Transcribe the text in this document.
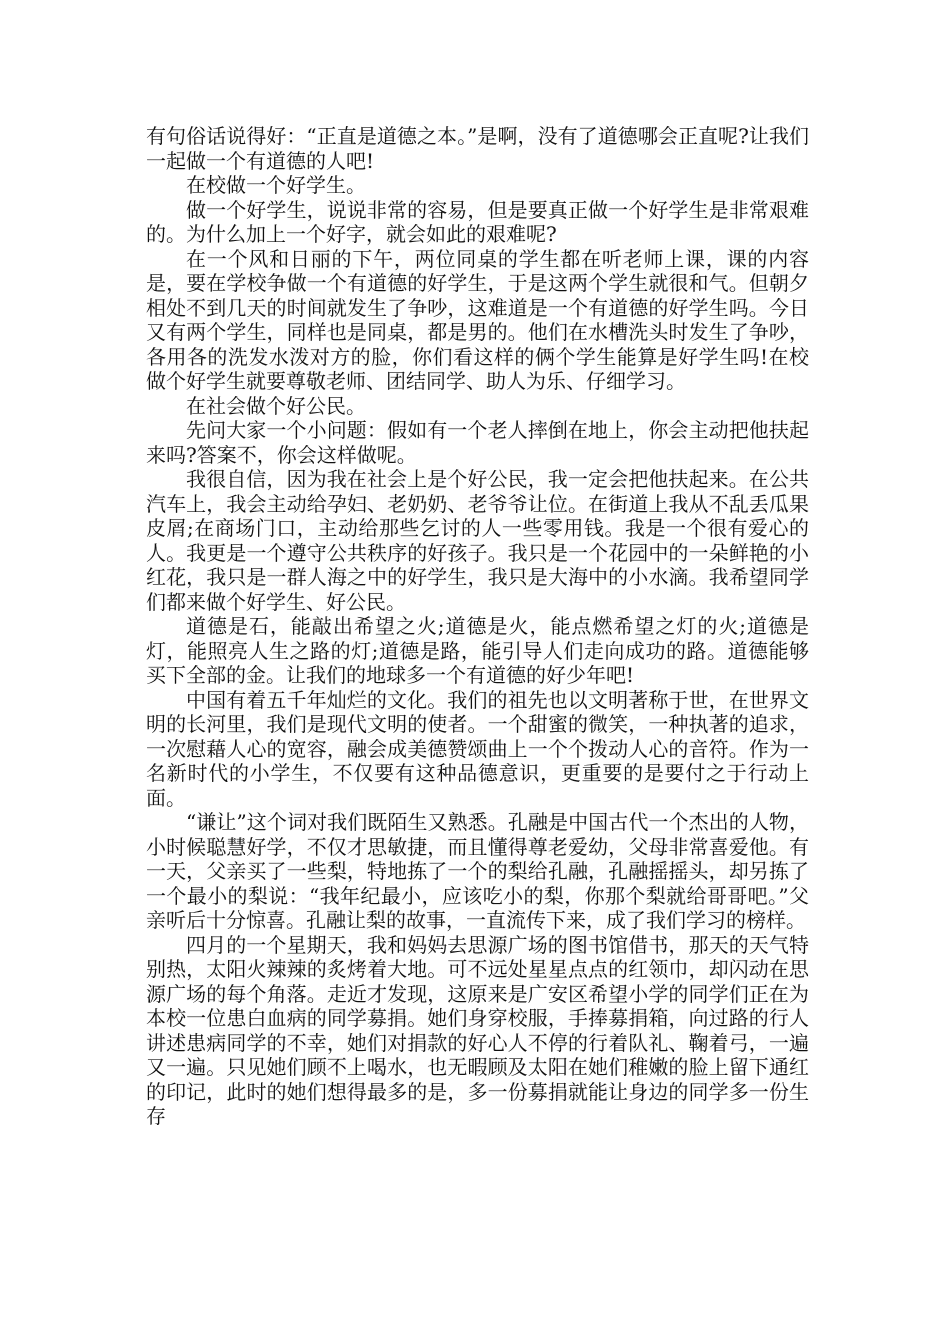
有句俗话说得好：“正直是道德之本。”是啊，没有了道德哪会正直呢?让我们一起做一个有道德的人吧!

在校做一个好学生。

做一个好学生，说说非常的容易，但是要真正做一个好学生是非常艰难的。为什么加上一个好字，就会如此的艰难呢?

在一个风和日丽的下午，两位同桌的学生都在听老师上课，课的内容是，要在学校争做一个有道德的好学生，于是这两个学生就很和气。但朝夕相处不到几天的时间就发生了争吵，这难道是一个有道德的好学生吗。今日又有两个学生，同样也是同桌，都是男的。他们在水槽洗头时发生了争吵，各用各的洗发水泼对方的脸，你们看这样的俩个学生能算是好学生吗!在校做个好学生就要尊敬老师、团结同学、助人为乐、仔细学习。

在社会做个好公民。

先问大家一个小问题：假如有一个老人摔倒在地上，你会主动把他扶起来吗?答案不，你会这样做呢。

我很自信，因为我在社会上是个好公民，我一定会把他扶起来。在公共汽车上，我会主动给孕妇、老奶奶、老爷爷让位。在街道上我从不乱丢瓜果皮屑;在商场门口，主动给那些乞讨的人一些零用钱。我是一个很有爱心的人。我更是一个遵守公共秩序的好孩子。我只是一个花园中的一朵鲜艳的小红花，我只是一群人海之中的好学生，我只是大海中的小水滴。我希望同学们都来做个好学生、好公民。

道德是石，能敲出希望之火;道德是火，能点燃希望之灯的火;道德是灯，能照亮人生之路的灯;道德是路，能引导人们走向成功的路。道德能够买下全部的金。让我们的地球多一个有道德的好少年吧!

中国有着五千年灿烂的文化。我们的祖先也以文明著称于世，在世界文明的长河里，我们是现代文明的使者。一个甜蜜的微笑，一种执著的追求，一次慰藉人心的宽容，融会成美德赞颂曲上一个个拨动人心的音符。作为一名新时代的小学生，不仅要有这种品德意识，更重要的是要付之于行动上面。

“谦让”这个词对我们既陌生又熟悉。孔融是中国古代一个杰出的人物，小时候聪慧好学，不仅才思敏捷，而且懂得尊老爱幼，父母非常喜爱他。有一天，父亲买了一些梨，特地拣了一个的梨给孔融，孔融摇摇头，却另拣了一个最小的梨说：“我年纪最小，应该吃小的梨，你那个梨就给哥哥吧。”父亲听后十分惊喜。孔融让梨的故事，一直流传下来，成了我们学习的榜样。

四月的一个星期天，我和妈妈去思源广场的图书馆借书，那天的天气特别热，太阳火辣辣的炙烤着大地。可不远处星星点点的红领巾，却闪动在思源广场的每个角落。走近才发现，这原来是广安区希望小学的同学们正在为本校一位患白血病的同学募捐。她们身穿校服，手捧募捐箱，向过路的行人讲述患病同学的不幸，她们对捐款的好心人不停的行着队礼、鞠着弓，一遍又一遍。只见她们顾不上喝水，也无暇顾及太阳在她们稚嫩的脸上留下通红的印记，此时的她们想得最多的是，多一份募捐就能让身边的同学多一份生存
